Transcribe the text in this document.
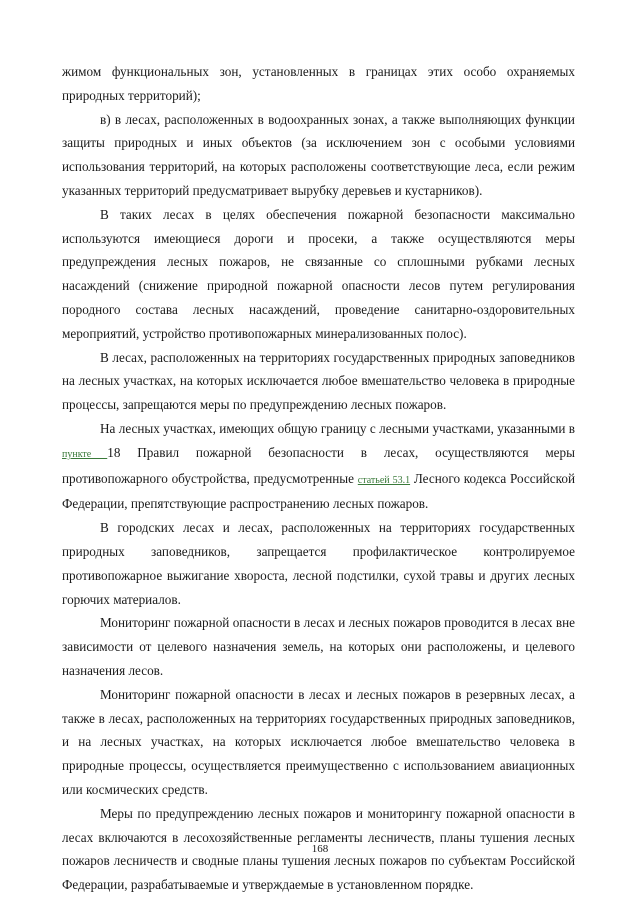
жимом функциональных зон, установленных в границах этих особо охраняемых природных территорий);

в) в лесах, расположенных в водоохранных зонах, а также выполняющих функции защиты природных и иных объектов (за исключением зон с особыми условиями использования территорий, на которых расположены соответствующие леса, если режим указанных территорий предусматривает вырубку деревьев и кустарников).

В таких лесах в целях обеспечения пожарной безопасности максимально используются имеющиеся дороги и просеки, а также осуществляются меры предупреждения лесных пожаров, не связанные со сплошными рубками лесных насаждений (снижение природной пожарной опасности лесов путем регулирования породного состава лесных насаждений, проведение санитарно-оздоровительных мероприятий, устройство противопожарных минерализованных полос).

В лесах, расположенных на территориях государственных природных заповедников на лесных участках, на которых исключается любое вмешательство человека в природные процессы, запрещаются меры по предупреждению лесных пожаров.

На лесных участках, имеющих общую границу с лесными участками, указанными в пункте 18 Правил пожарной безопасности в лесах, осуществляются меры противопожарного обустройства, предусмотренные статьей 53.1 Лесного кодекса Российской Федерации, препятствующие распространению лесных пожаров.

В городских лесах и лесах, расположенных на территориях государственных природных заповедников, запрещается профилактическое контролируемое противопожарное выжигание хвороста, лесной подстилки, сухой травы и других лесных горючих материалов.

Мониторинг пожарной опасности в лесах и лесных пожаров проводится в лесах вне зависимости от целевого назначения земель, на которых они расположены, и целевого назначения лесов.

Мониторинг пожарной опасности в лесах и лесных пожаров в резервных лесах, а также в лесах, расположенных на территориях государственных природных заповедников, и на лесных участках, на которых исключается любое вмешательство человека в природные процессы, осуществляется преимущественно с использованием авиационных или космических средств.

Меры по предупреждению лесных пожаров и мониторингу пожарной опасности в лесах включаются в лесохозяйственные регламенты лесничеств, планы тушения лесных пожаров лесничеств и сводные планы тушения лесных пожаров по субъектам Российской Федерации, разрабатываемые и утверждаемые в установленном порядке.

168
